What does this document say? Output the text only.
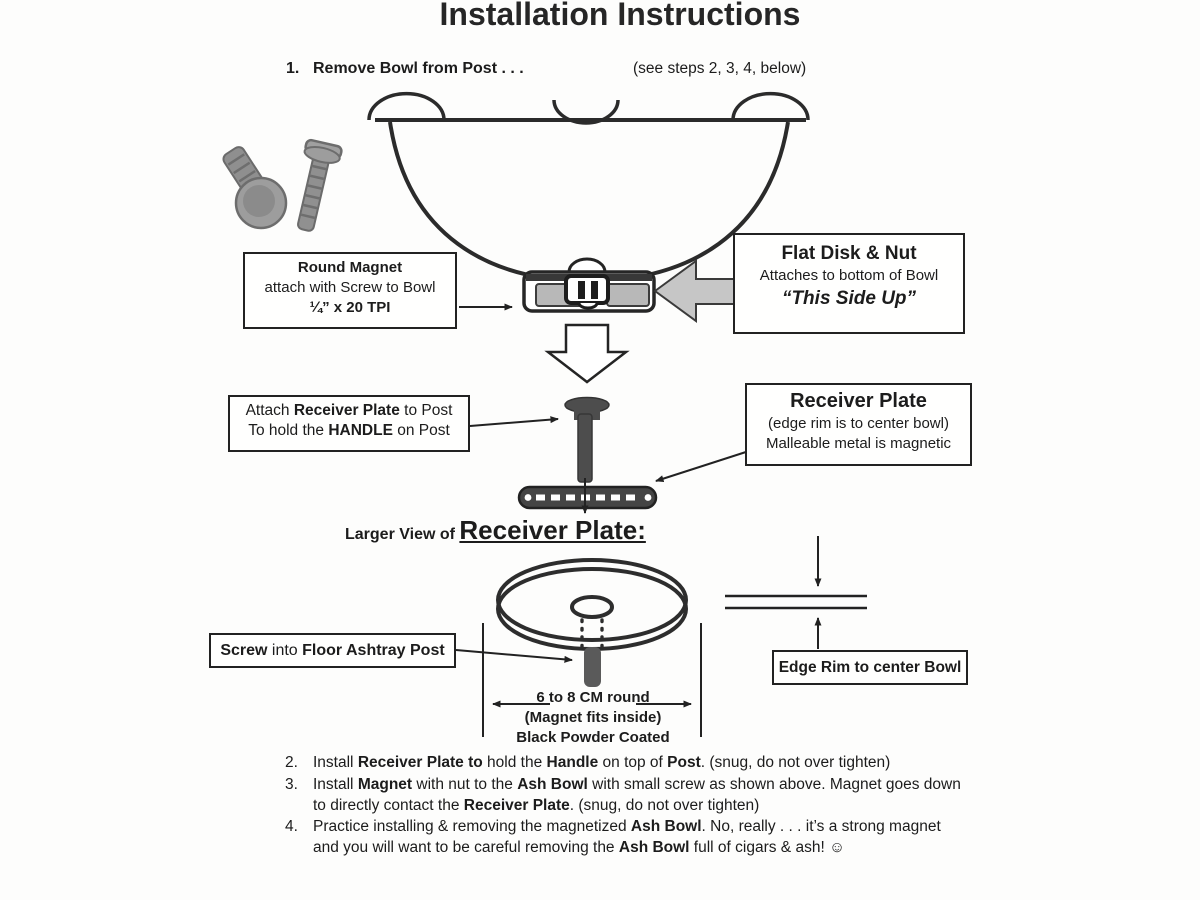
Installation Instructions
1. Remove Bowl from Post . . .	(see steps 2, 3, 4, below)
Round Magnet
attach with Screw to Bowl
¼” x 20 TPI
Flat Disk & Nut
Attaches to bottom of Bowl
“This Side Up”
Attach Receiver Plate to Post
To hold the HANDLE on Post
Receiver Plate
(edge rim is to center bowl)
Malleable metal is magnetic
Larger View of Receiver Plate:
Screw into Floor Ashtray Post
6 to 8 CM round
(Magnet fits inside)
Black Powder Coated
Edge Rim to center Bowl
2. Install Receiver Plate to hold the Handle on top of Post. (snug, do not over tighten)
3. Install Magnet with nut to the Ash Bowl with small screw as shown above. Magnet goes down to directly contact the Receiver Plate. (snug, do not over tighten)
4. Practice installing & removing the magnetized Ash Bowl. No, really . . . it’s a strong magnet and you will want to be careful removing the Ash Bowl full of cigars & ash! ☺
